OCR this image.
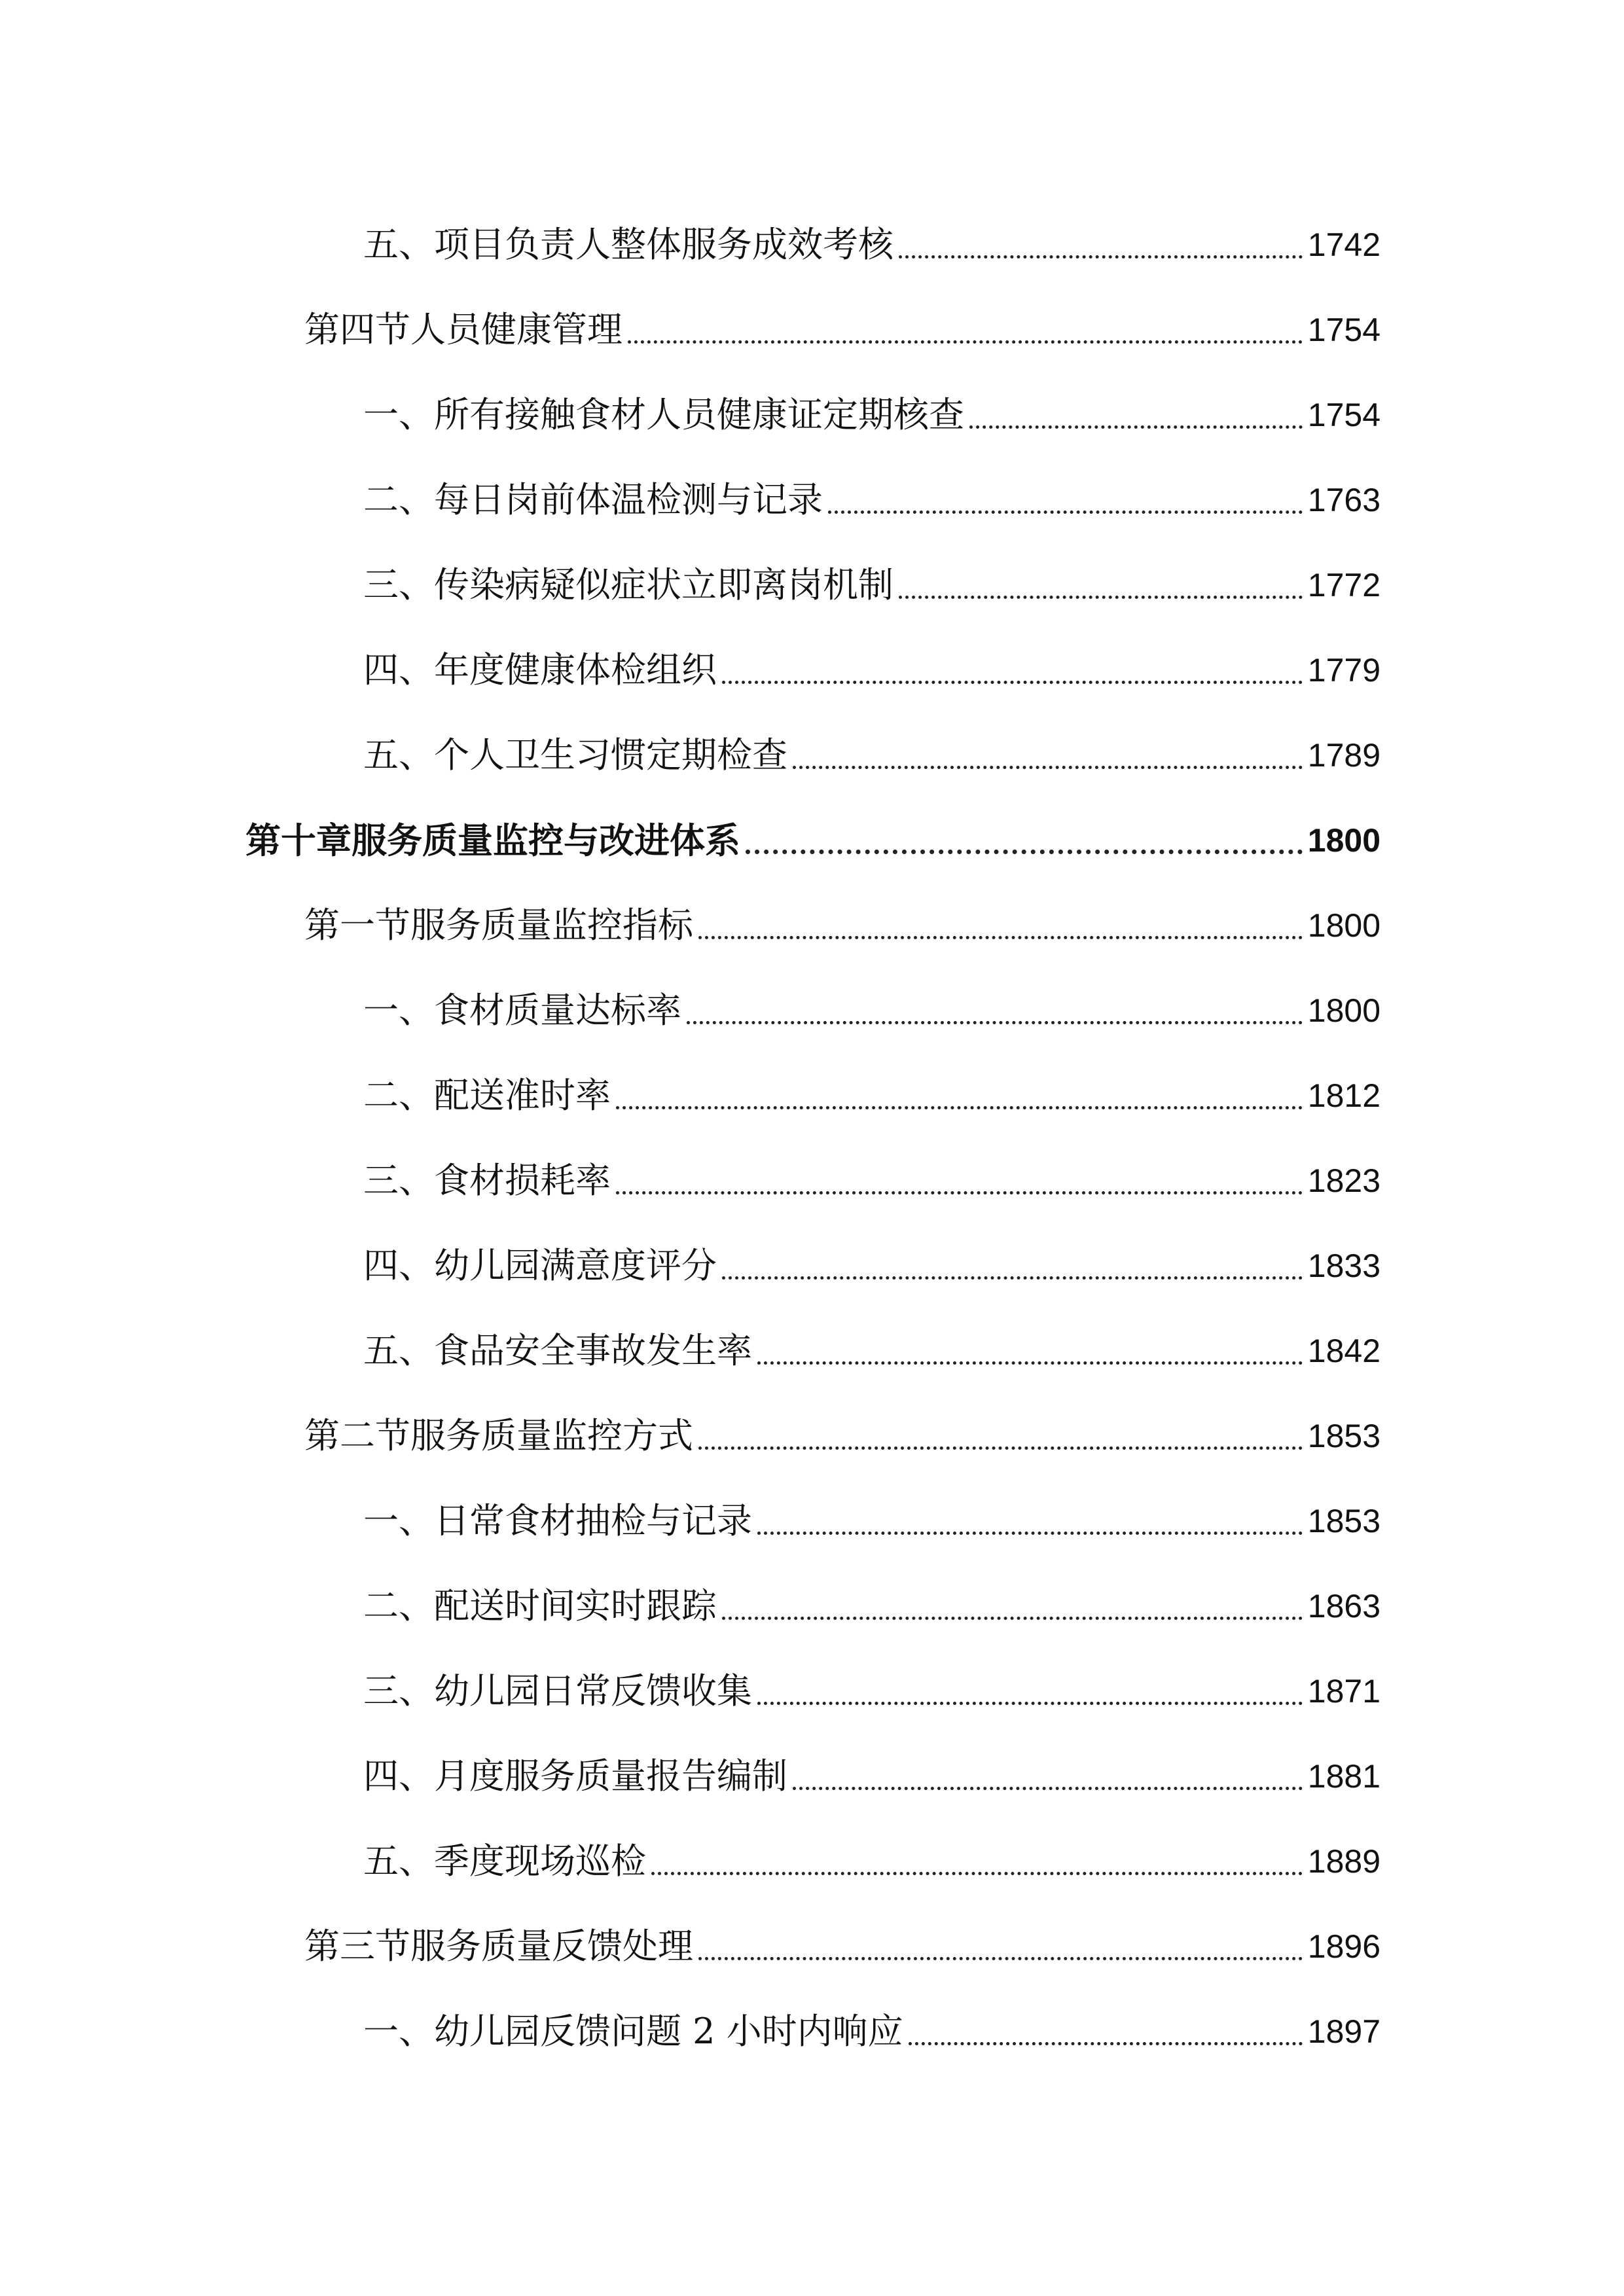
五、项目负责人整体服务成效考核	1742
第四节人员健康管理	1754
一、所有接触食材人员健康证定期核查	1754
二、每日岗前体温检测与记录	1763
三、传染病疑似症状立即离岗机制	1772
四、年度健康体检组织	1779
五、个人卫生习惯定期检查	1789
第十章服务质量监控与改进体系	1800
第一节服务质量监控指标	1800
一、食材质量达标率	1800
二、配送准时率	1812
三、食材损耗率	1823
四、幼儿园满意度评分	1833
五、食品安全事故发生率	1842
第二节服务质量监控方式	1853
一、日常食材抽检与记录	1853
二、配送时间实时跟踪	1863
三、幼儿园日常反馈收集	1871
四、月度服务质量报告编制	1881
五、季度现场巡检	1889
第三节服务质量反馈处理	1896
一、幼儿园反馈问题 2 小时内响应	1897
